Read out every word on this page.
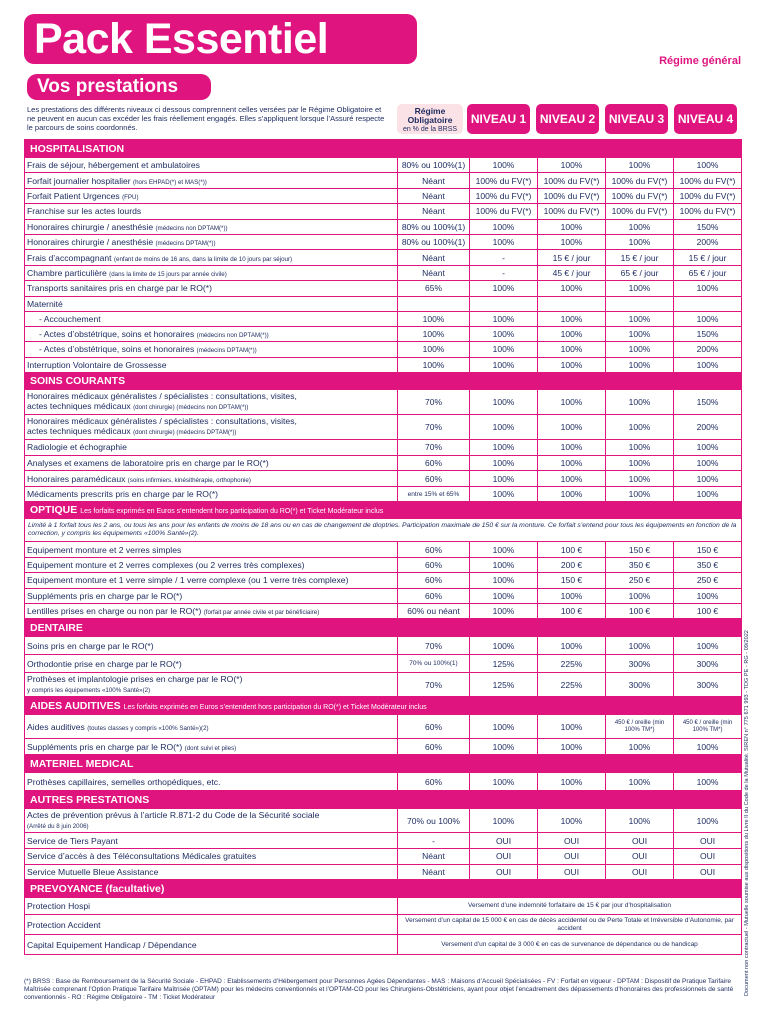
Pack Essentiel
Vos prestations
Régime général
Les prestations des différents niveaux ci dessous comprennent celles versées par le Régime Obligatoire et ne peuvent en aucun cas excéder les frais réellement engagés. Elles s’appliquent lorsque l’Assuré respecte le parcours de soins coordonnés.
Régime
Obligatoire
en % de la BRSS
NIVEAU 1	NIVEAU 2	NIVEAU 3	NIVEAU 4
HOSPITALISATION					
Frais de séjour, hébergement et ambulatoires	80% ou 100%(1)	100%	100%	100%	100%
Forfait journalier hospitalier (hors EHPAD(*) et MAS(*))	Néant	100% du FV(*)	100% du FV(*)	100% du FV(*)	100% du FV(*)
Forfait Patient Urgences (FPU)	Néant	100% du FV(*)	100% du FV(*)	100% du FV(*)	100% du FV(*)
Franchise sur les actes lourds	Néant	100% du FV(*)	100% du FV(*)	100% du FV(*)	100% du FV(*)
Honoraires chirurgie / anesthésie (médecins non DPTAM(*))	80% ou 100%(1)	100%	100%	100%	150%
Honoraires chirurgie / anesthésie (médecins DPTAM(*))	80% ou 100%(1)	100%	100%	100%	200%
Frais d’accompagnant (enfant de moins de 16 ans, dans la limite de 10 jours par séjour)	Néant	-	15 € / jour	15 € / jour	15 € / jour
Chambre particulière (dans la limite de 15 jours par année civile)	Néant	-	45 € / jour	65 € / jour	65 € / jour
Transports sanitaires pris en charge par le RO(*)	65%	100%	100%	100%	100%
Maternité					
- Accouchement	100%	100%	100%	100%	100%
- Actes d’obstétrique, soins et honoraires (médecins non DPTAM(*))	100%	100%	100%	100%	150%
- Actes d’obstétrique, soins et honoraires (médecins DPTAM(*))	100%	100%	100%	100%	200%
Interruption Volontaire de Grossesse	100%	100%	100%	100%	100%
SOINS COURANTS					
Honoraires médicaux généralistes / spécialistes : consultations, visites,
actes techniques médicaux (dont chirurgie) (médecins non DPTAM(*))	70%	100%	100%	100%	150%
Honoraires médicaux généralistes / spécialistes : consultations, visites,
actes techniques médicaux (dont chirurgie) (médecins DPTAM(*))	70%	100%	100%	100%	200%
Radiologie et échographie	70%	100%	100%	100%	100%
Analyses et examens de laboratoire pris en charge par le RO(*)	60%	100%	100%	100%	100%
Honoraires paramédicaux (soins infirmiers, kinésithérapie, orthophonie)	60%	100%	100%	100%	100%
Médicaments prescrits pris en charge par le RO(*)	entre 15% et 65%	100%	100%	100%	100%
OPTIQUE Les forfaits exprimés en Euros s’entendent hors participation du RO(*) et Ticket Modérateur inclus					
Limité à 1 forfait tous les 2 ans, ou tous les ans pour les enfants de moins de 18 ans ou en cas de changement de dioptries. Participation maximale de 150 € sur la monture. Ce forfait s’entend pour tous les équipements en fonction de la correction, y compris les équipements «100% Santé»(2).					
Equipement monture et 2 verres simples	60%	100%	100 €	150 €	150 €
Equipement monture et 2 verres complexes (ou 2 verres très complexes)	60%	100%	200 €	350 €	350 €
Equipement monture et 1 verre simple / 1 verre complexe (ou 1 verre très complexe)	60%	100%	150 €	250 €	250 €
Suppléments pris en charge par le RO(*)	60%	100%	100%	100%	100%
Lentilles prises en charge ou non par le RO(*) (forfait par année civile et par bénéficiaire)	60% ou néant	100%	100 €	100 €	100 €
DENTAIRE					
Soins pris en charge par le RO(*)	70%	100%	100%	100%	100%
Orthodontie prise en charge par le RO(*)	70% ou 100%(1)	125%	225%	300%	300%
Prothèses et implantologie prises en charge par le RO(*)
y compris les équipements «100% Santé»(2)	70%	125%	225%	300%	300%
AIDES AUDITIVES Les forfaits exprimés en Euros s’entendent hors participation du RO(*) et Ticket Modérateur inclus					
Aides auditives (toutes classes y compris «100% Santé»)(2)	60%	100%	100%	450 € / oreille (min 100% TM*)	450 € / oreille (min 100% TM*)
Suppléments pris en charge par le RO(*) (dont suivi et piles)	60%	100%	100%	100%	100%
MATERIEL MEDICAL					
Prothèses capillaires, semelles orthopédiques, etc.	60%	100%	100%	100%	100%
AUTRES PRESTATIONS					
Actes de prévention prévus à l’article R.871-2 du Code de la Sécurité sociale
(Arrêté du 8 juin 2006)	70% ou 100%	100%	100%	100%	100%
Service de Tiers Payant	-	OUI	OUI	OUI	OUI
Service d’accès à des Téléconsultations Médicales gratuites	Néant	OUI	OUI	OUI	OUI
Service Mutuelle Bleue Assistance	Néant	OUI	OUI	OUI	OUI
PREVOYANCE (facultative)					
Protection Hospi	Versement d’une indemnité forfaitaire de 15 € par jour d’hospitalisation				
Protection Accident	Versement d’un capital de 15 000 € en cas de décès accidentel ou de Perte Totale et Irréversible d’Autonomie, par accident				
Capital Equipement Handicap / Dépendance	Versement d’un capital de 3 000 € en cas de survenance de dépendance ou de handicap				
(*) BRSS : Base de Remboursement de la Sécurité Sociale - EHPAD : Etablissements d’Hébergement pour Personnes Agées Dépendantes - MAS : Maisons d’Accueil Spécialisées - FV : Forfait en vigueur - DPTAM : Dispositif de Pratique Tarifaire Maîtrisée comprenant l’Option Pratique Tarifaire Maîtrisée (OPTAM) pour les médecins conventionnés et l’OPTAM-CO pour les Chirurgiens-Obstétriciens, ayant pour objet l’encadrement des dépassements d’honoraires des professionnels de santé conventionnés - RO : Régime Obligatoire - TM : Ticket Modérateur
Document non contractuel - Mutuelle soumise aux dispositions du Livre II du Code de la Mutualité. SIREN n° 775 671 993 - TDG PE - RG - 09/2022
